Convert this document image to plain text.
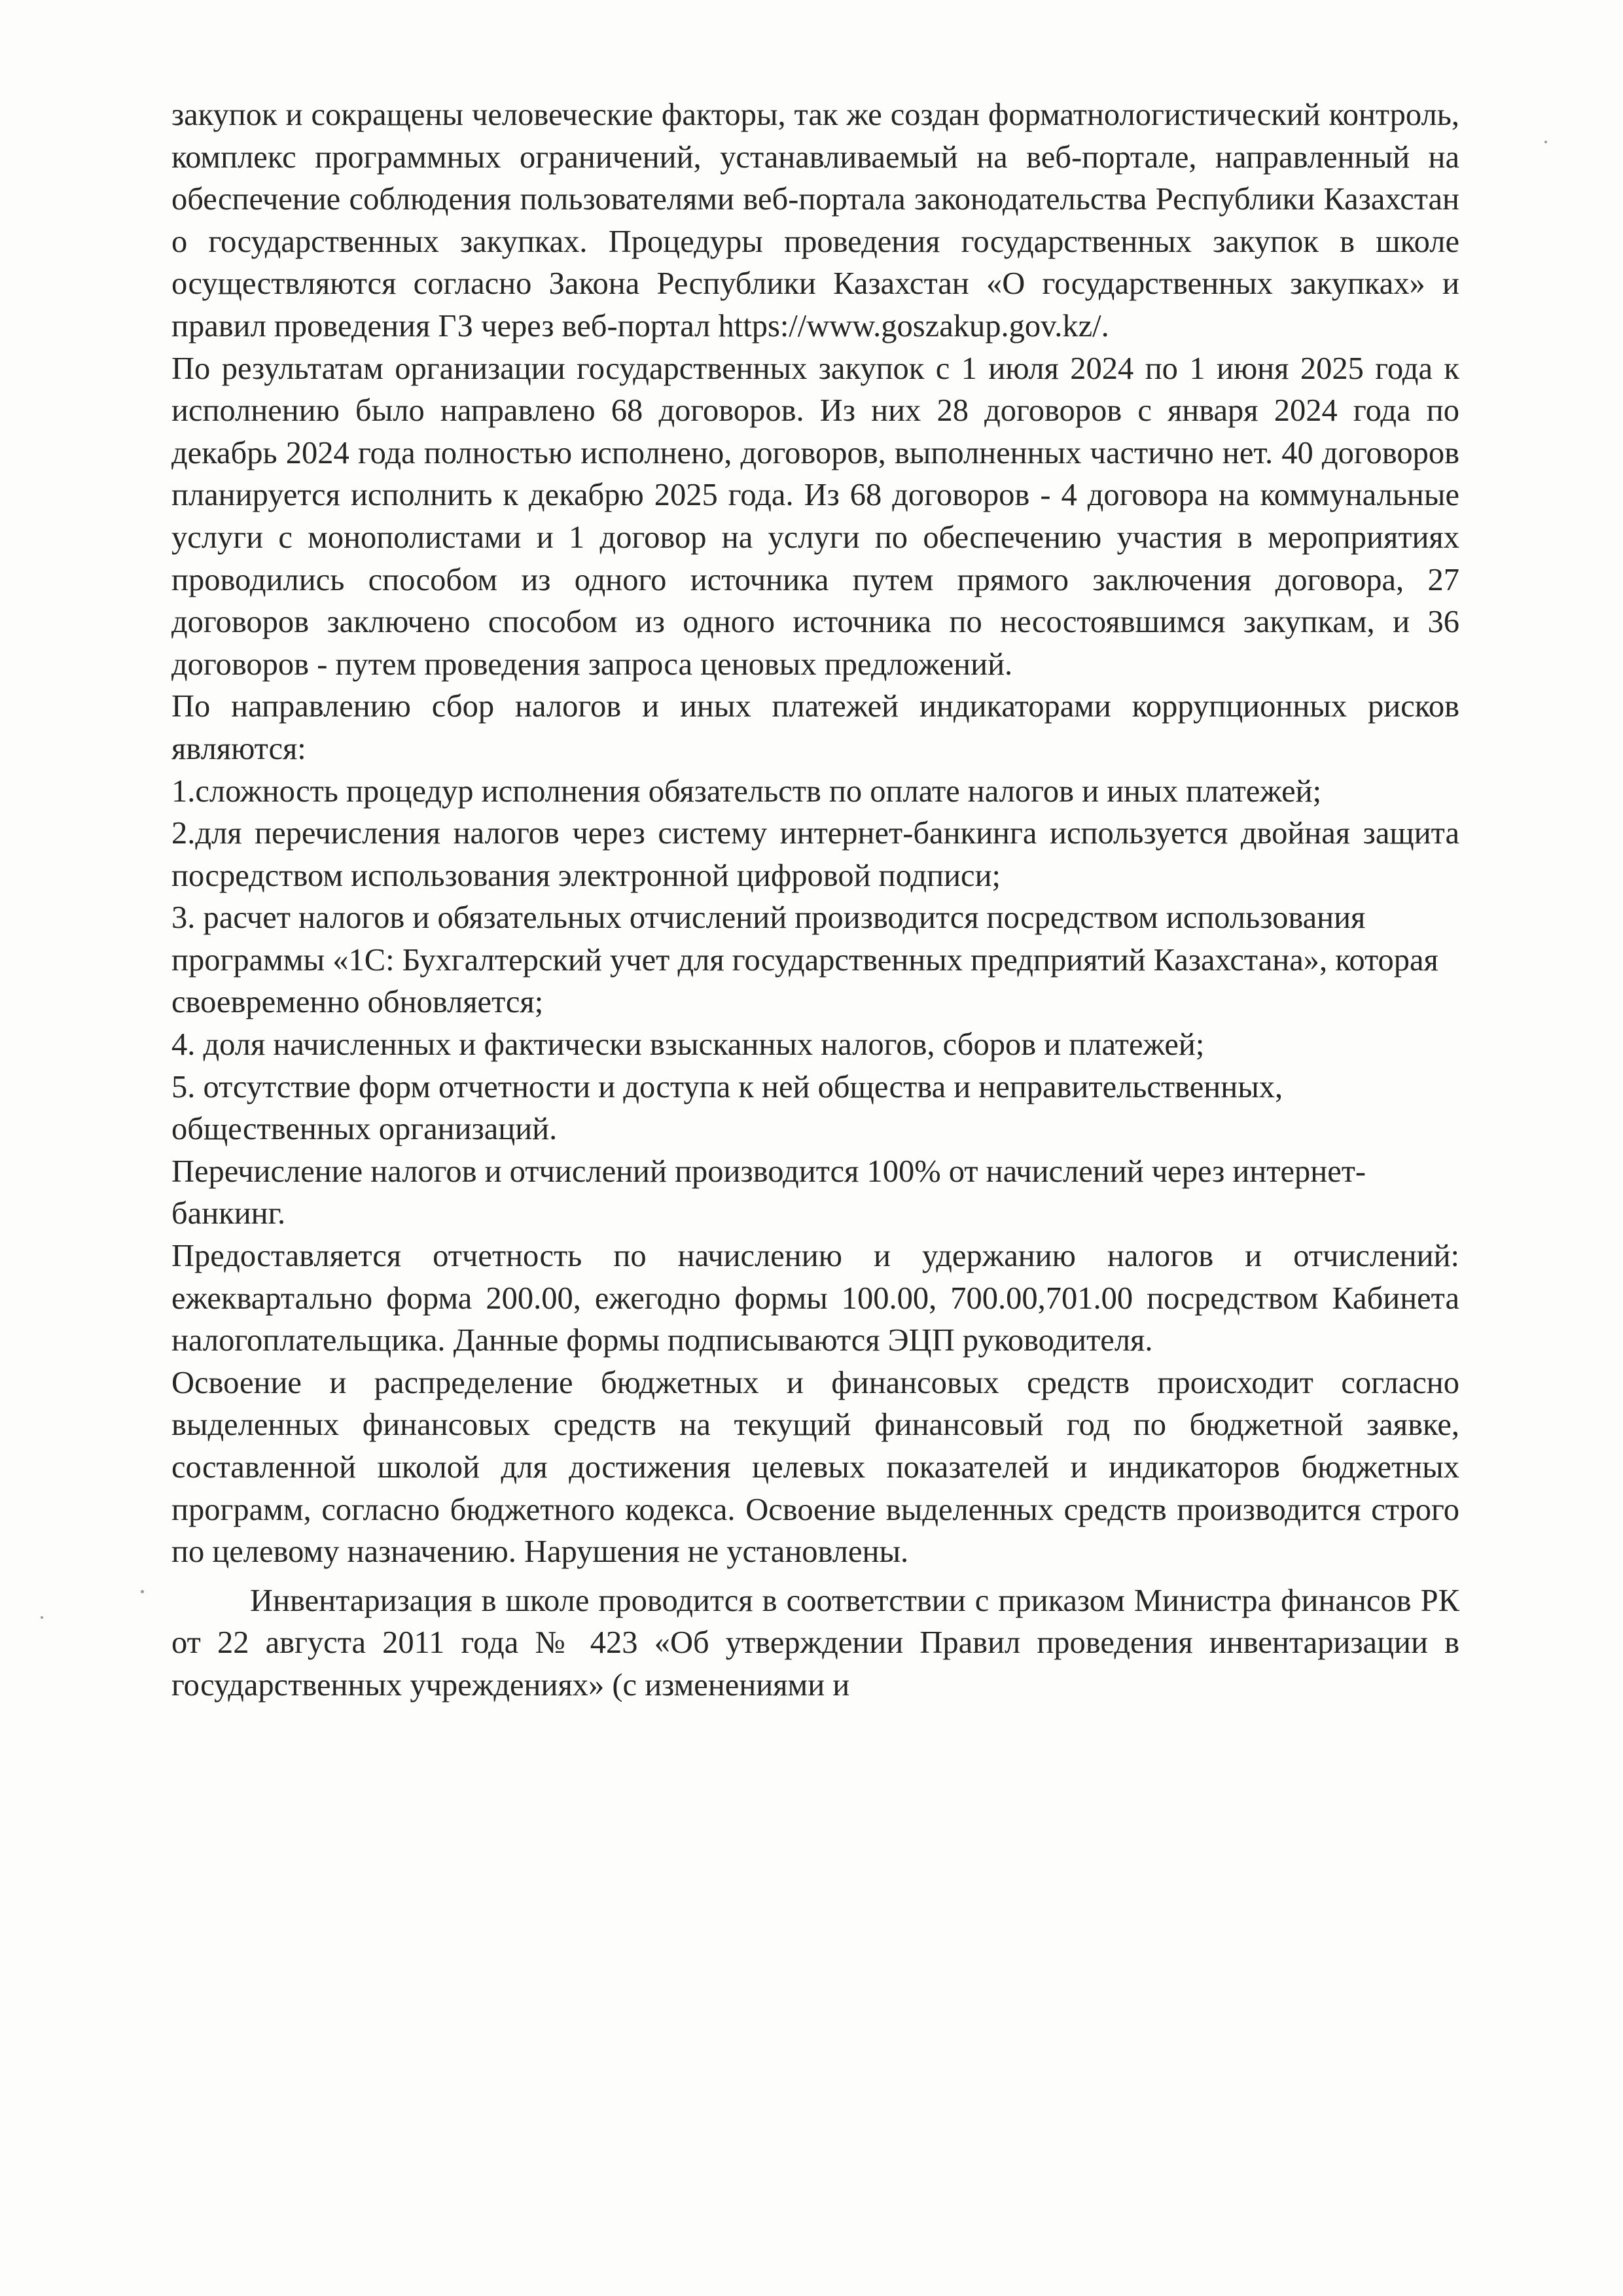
закупок и сокращены человеческие факторы, так же создан форматнологистический контроль, комплекс программных ограничений, устанавливаемый на веб-портале, направленный на обеспечение соблюдения пользователями веб-портала законодательства Республики Казахстан о государственных закупках. Процедуры проведения государственных закупок в школе осуществляются согласно Закона Республики Казахстан «О государственных закупках» и правил проведения ГЗ через веб-портал https://www.goszakup.gov.kz/.

По результатам организации государственных закупок с 1 июля 2024 по 1 июня 2025 года к исполнению было направлено 68 договоров. Из них 28 договоров с января 2024 года по декабрь 2024 года полностью исполнено, договоров, выполненных частично нет. 40 договоров планируется исполнить к декабрю 2025 года. Из 68 договоров - 4 договора на коммунальные услуги с монополистами и 1 договор на услуги по обеспечению участия в мероприятиях проводились способом из одного источника путем прямого заключения договора, 27 договоров заключено способом из одного источника по несостоявшимся закупкам, и 36 договоров - путем проведения запроса ценовых предложений.

По направлению сбор налогов и иных платежей индикаторами коррупционных рисков являются:

1.сложность процедур исполнения обязательств по оплате налогов и иных платежей;

2.для перечисления налогов через систему интернет-банкинга используется двойная защита посредством использования электронной цифровой подписи;

3. расчет налогов и обязательных отчислений производится посредством использования программы «1С: Бухгалтерский учет для государственных предприятий Казахстана», которая своевременно обновляется;

4. доля начисленных и фактически взысканных налогов, сборов и платежей;

5. отсутствие форм отчетности и доступа к ней общества и неправительственных, общественных организаций.

Перечисление налогов и отчислений производится 100% от начислений через интернет-банкинг.

Предоставляется отчетность по начислению и удержанию налогов и отчислений: ежеквартально форма 200.00, ежегодно формы 100.00, 700.00,701.00 посредством Кабинета налогоплательщика. Данные формы подписываются ЭЦП руководителя.

Освоение и распределение бюджетных и финансовых средств происходит согласно выделенных финансовых средств на текущий финансовый год по бюджетной заявке, составленной школой для достижения целевых показателей и индикаторов бюджетных программ, согласно бюджетного кодекса. Освоение выделенных средств производится строго по целевому назначению. Нарушения не установлены.

Инвентаризация в школе проводится в соответствии с приказом Министра финансов РК от 22 августа 2011 года № 423 «Об утверждении Правил проведения инвентаризации в государственных учреждениях» (с изменениями и
